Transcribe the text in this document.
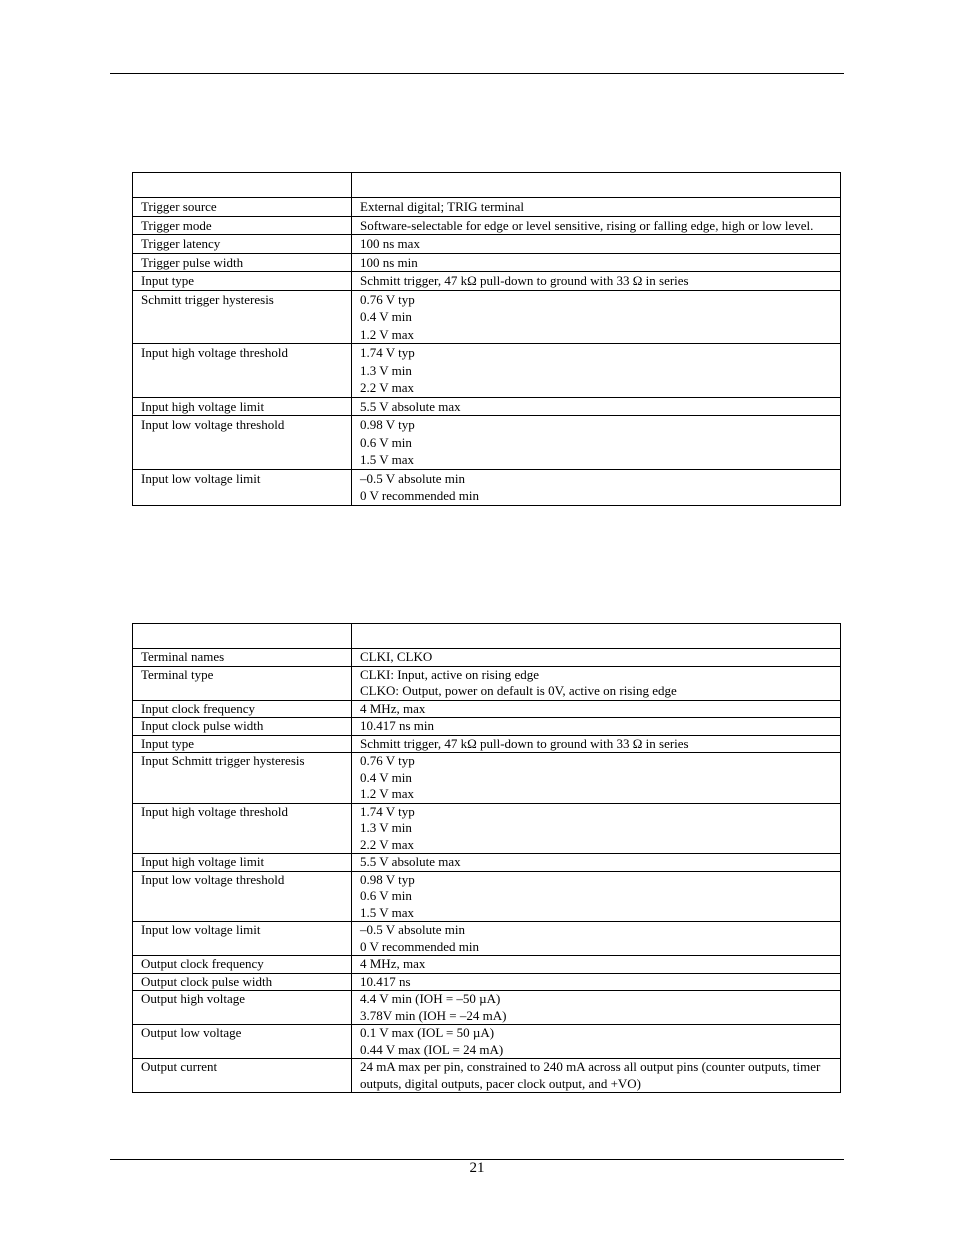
Trigger source	External digital; TRIG terminal

Trigger mode	Software-selectable for edge or level sensitive, rising or falling edge, high or low level.

Trigger latency	100 ns max

Trigger pulse width	100 ns min

Input type	Schmitt trigger, 47 kΩ pull-down to ground with 33 Ω in series

Schmitt trigger hysteresis	0.76 V typ
0.4 V min
1.2 V max

Input high voltage threshold	1.74 V typ
1.3 V min
2.2 V max

Input high voltage limit	5.5 V absolute max

Input low voltage threshold	0.98 V typ
0.6 V min
1.5 V max

Input low voltage limit	–0.5 V absolute min
0 V recommended min

Terminal names	CLKI, CLKO

Terminal type	CLKI: Input, active on rising edge
CLKO: Output, power on default is 0V, active on rising edge

Input clock frequency	4 MHz, max

Input clock pulse width	10.417 ns min

Input type	Schmitt trigger, 47 kΩ pull-down to ground with 33 Ω in series

Input Schmitt trigger hysteresis	0.76 V typ
0.4 V min
1.2 V max

Input high voltage threshold	1.74 V typ
1.3 V min
2.2 V max

Input high voltage limit	5.5 V absolute max

Input low voltage threshold	0.98 V typ
0.6 V min
1.5 V max

Input low voltage limit	–0.5 V absolute min
0 V recommended min

Output clock frequency	4 MHz, max

Output clock pulse width	10.417 ns

Output high voltage	4.4 V min (IOH = –50 µA)
3.78V min (IOH = –24 mA)

Output low voltage	0.1 V max (IOL = 50 µA)
0.44 V max (IOL = 24 mA)

Output current	24 mA max per pin, constrained to 240 mA across all output pins (counter outputs, timer outputs, digital outputs, pacer clock output, and +VO)
21
